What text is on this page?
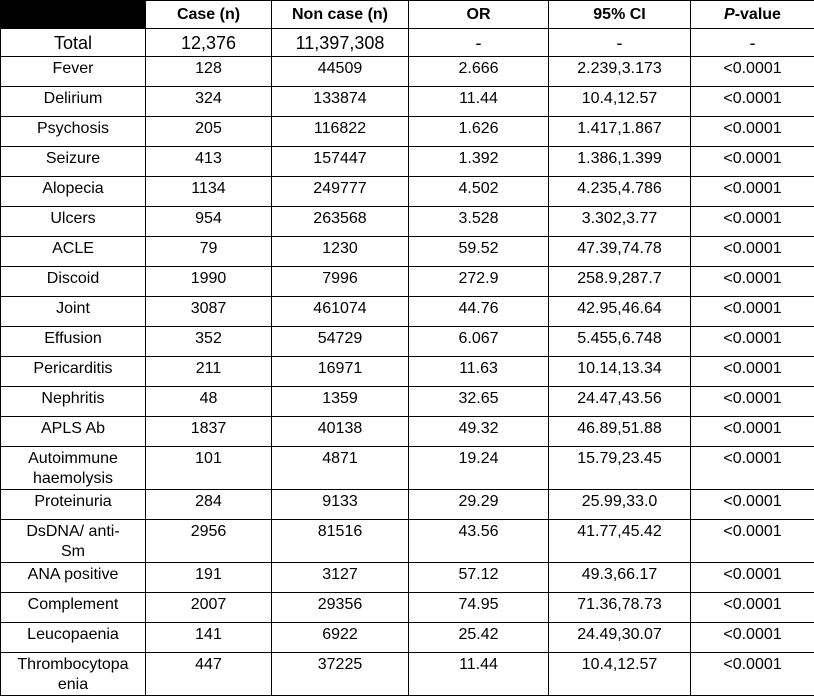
	Case (n)	Non case (n)	OR	95% CI	P-value
Total	12,376	11,397,308	-	-	-
Fever	128	44509	2.666	2.239,3.173	<0.0001
Delirium	324	133874	11.44	10.4,12.57	<0.0001
Psychosis	205	116822	1.626	1.417,1.867	<0.0001
Seizure	413	157447	1.392	1.386,1.399	<0.0001
Alopecia	1134	249777	4.502	4.235,4.786	<0.0001
Ulcers	954	263568	3.528	3.302,3.77	<0.0001
ACLE	79	1230	59.52	47.39,74.78	<0.0001
Discoid	1990	7996	272.9	258.9,287.7	<0.0001
Joint	3087	461074	44.76	42.95,46.64	<0.0001
Effusion	352	54729	6.067	5.455,6.748	<0.0001
Pericarditis	211	16971	11.63	10.14,13.34	<0.0001
Nephritis	48	1359	32.65	24.47,43.56	<0.0001
APLS Ab	1837	40138	49.32	46.89,51.88	<0.0001
Autoimmune
haemolysis	101	4871	19.24	15.79,23.45	<0.0001
Proteinuria	284	9133	29.29	25.99,33.0	<0.0001
DsDNA/ anti-
Sm	2956	81516	43.56	41.77,45.42	<0.0001
ANA positive	191	3127	57.12	49.3,66.17	<0.0001
Complement	2007	29356	74.95	71.36,78.73	<0.0001
Leucopaenia	141	6922	25.42	24.49,30.07	<0.0001
Thrombocytopa
enia	447	37225	11.44	10.4,12.57	<0.0001
